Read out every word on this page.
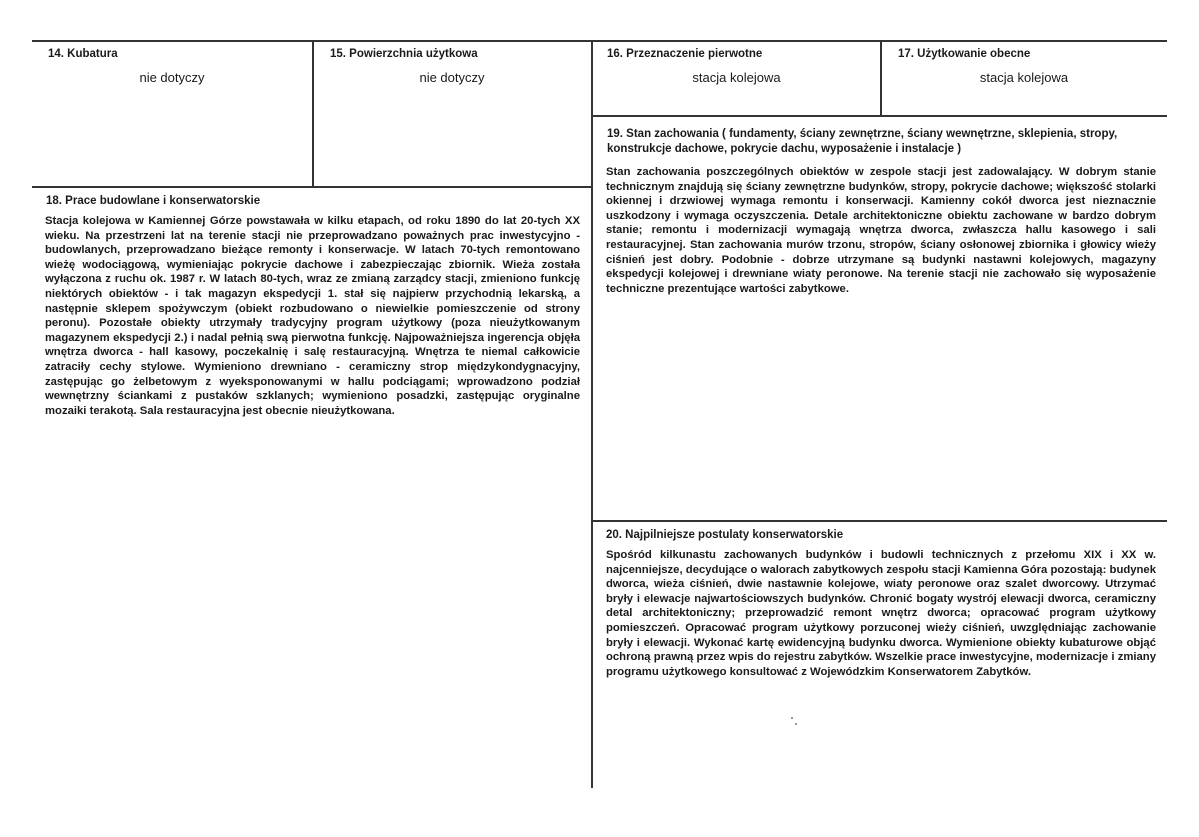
14. Kubatura
nie dotyczy
15. Powierzchnia użytkowa
nie dotyczy
16. Przeznaczenie pierwotne
stacja kolejowa
17. Użytkowanie obecne
stacja kolejowa
18. Prace budowlane i konserwatorskie
Stacja kolejowa w Kamiennej Górze powstawała w kilku etapach, od roku 1890 do lat 20-tych XX wieku. Na przestrzeni lat na terenie stacji nie przeprowadzano poważnych prac inwestycyjno - budowlanych, przeprowadzano bieżące remonty i konserwacje. W latach 70-tych remontowano wieżę wodociągową, wymieniając pokrycie dachowe i zabezpieczając zbiornik. Wieża została wyłączona z ruchu ok. 1987 r. W latach 80-tych, wraz ze zmianą zarządcy stacji, zmieniono funkcję niektórych obiektów - i tak magazyn ekspedycji 1. stał się najpierw przychodnią lekarską, a następnie sklepem spożywczym (obiekt rozbudowano o niewielkie pomieszczenie od strony peronu). Pozostałe obiekty utrzymały tradycyjny program użytkowy (poza nieużytkowanym magazynem ekspedycji 2.) i nadal pełnią swą pierwotna funkcję. Najpoważniejsza ingerencja objęła wnętrza dworca - hall kasowy, poczekalnię i salę restauracyjną. Wnętrza te niemal całkowicie zatraciły cechy stylowe. Wymieniono drewniano - ceramiczny strop międzykondygnacyjny, zastępując go żelbetowym z wyeksponowanymi w hallu podciągami; wprowadzono podział wewnętrzny ściankami z pustaków szklanych; wymieniono posadzki, zastępując oryginalne mozaiki terakotą. Sala restauracyjna jest obecnie nieużytkowana.
19. Stan zachowania ( fundamenty, ściany zewnętrzne, ściany wewnętrzne, sklepienia, stropy,
konstrukcje dachowe, pokrycie dachu, wyposażenie i instalacje )
Stan zachowania poszczególnych obiektów w zespole stacji jest zadowalający. W dobrym stanie technicznym znajdują się ściany zewnętrzne budynków, stropy, pokrycie dachowe; większość stolarki okiennej i drzwiowej wymaga remontu i konserwacji. Kamienny cokół dworca jest nieznacznie uszkodzony i wymaga oczyszczenia. Detale architektoniczne obiektu zachowane w bardzo dobrym stanie; remontu i modernizacji wymagają wnętrza dworca, zwłaszcza hallu kasowego i sali restauracyjnej. Stan zachowania murów trzonu, stropów, ściany osłonowej zbiornika i głowicy wieży ciśnień jest dobry. Podobnie - dobrze utrzymane są budynki nastawni kolejowych, magazyny ekspedycji kolejowej i drewniane wiaty peronowe. Na terenie stacji nie zachowało się wyposażenie techniczne prezentujące wartości zabytkowe.
20. Najpilniejsze postulaty konserwatorskie
Spośród kilkunastu zachowanych budynków i budowli technicznych z przełomu XIX i XX w. najcenniejsze, decydujące o walorach zabytkowych zespołu stacji Kamienna Góra pozostają: budynek dworca, wieża ciśnień, dwie nastawnie kolejowe, wiaty peronowe oraz szalet dworcowy. Utrzymać bryły i elewacje najwartościowszych budynków. Chronić bogaty wystrój elewacji dworca, ceramiczny detal architektoniczny; przeprowadzić remont wnętrz dworca; opracować program użytkowy pomieszczeń. Opracować program użytkowy porzuconej wieży ciśnień, uwzględniając zachowanie bryły i elewacji. Wykonać kartę ewidencyjną budynku dworca. Wymienione obiekty kubaturowe objąć ochroną prawną przez wpis do rejestru zabytków. Wszelkie prace inwestycyjne, modernizacje i zmiany programu użytkowego konsultować z Wojewódzkim Konserwatorem Zabytków.
